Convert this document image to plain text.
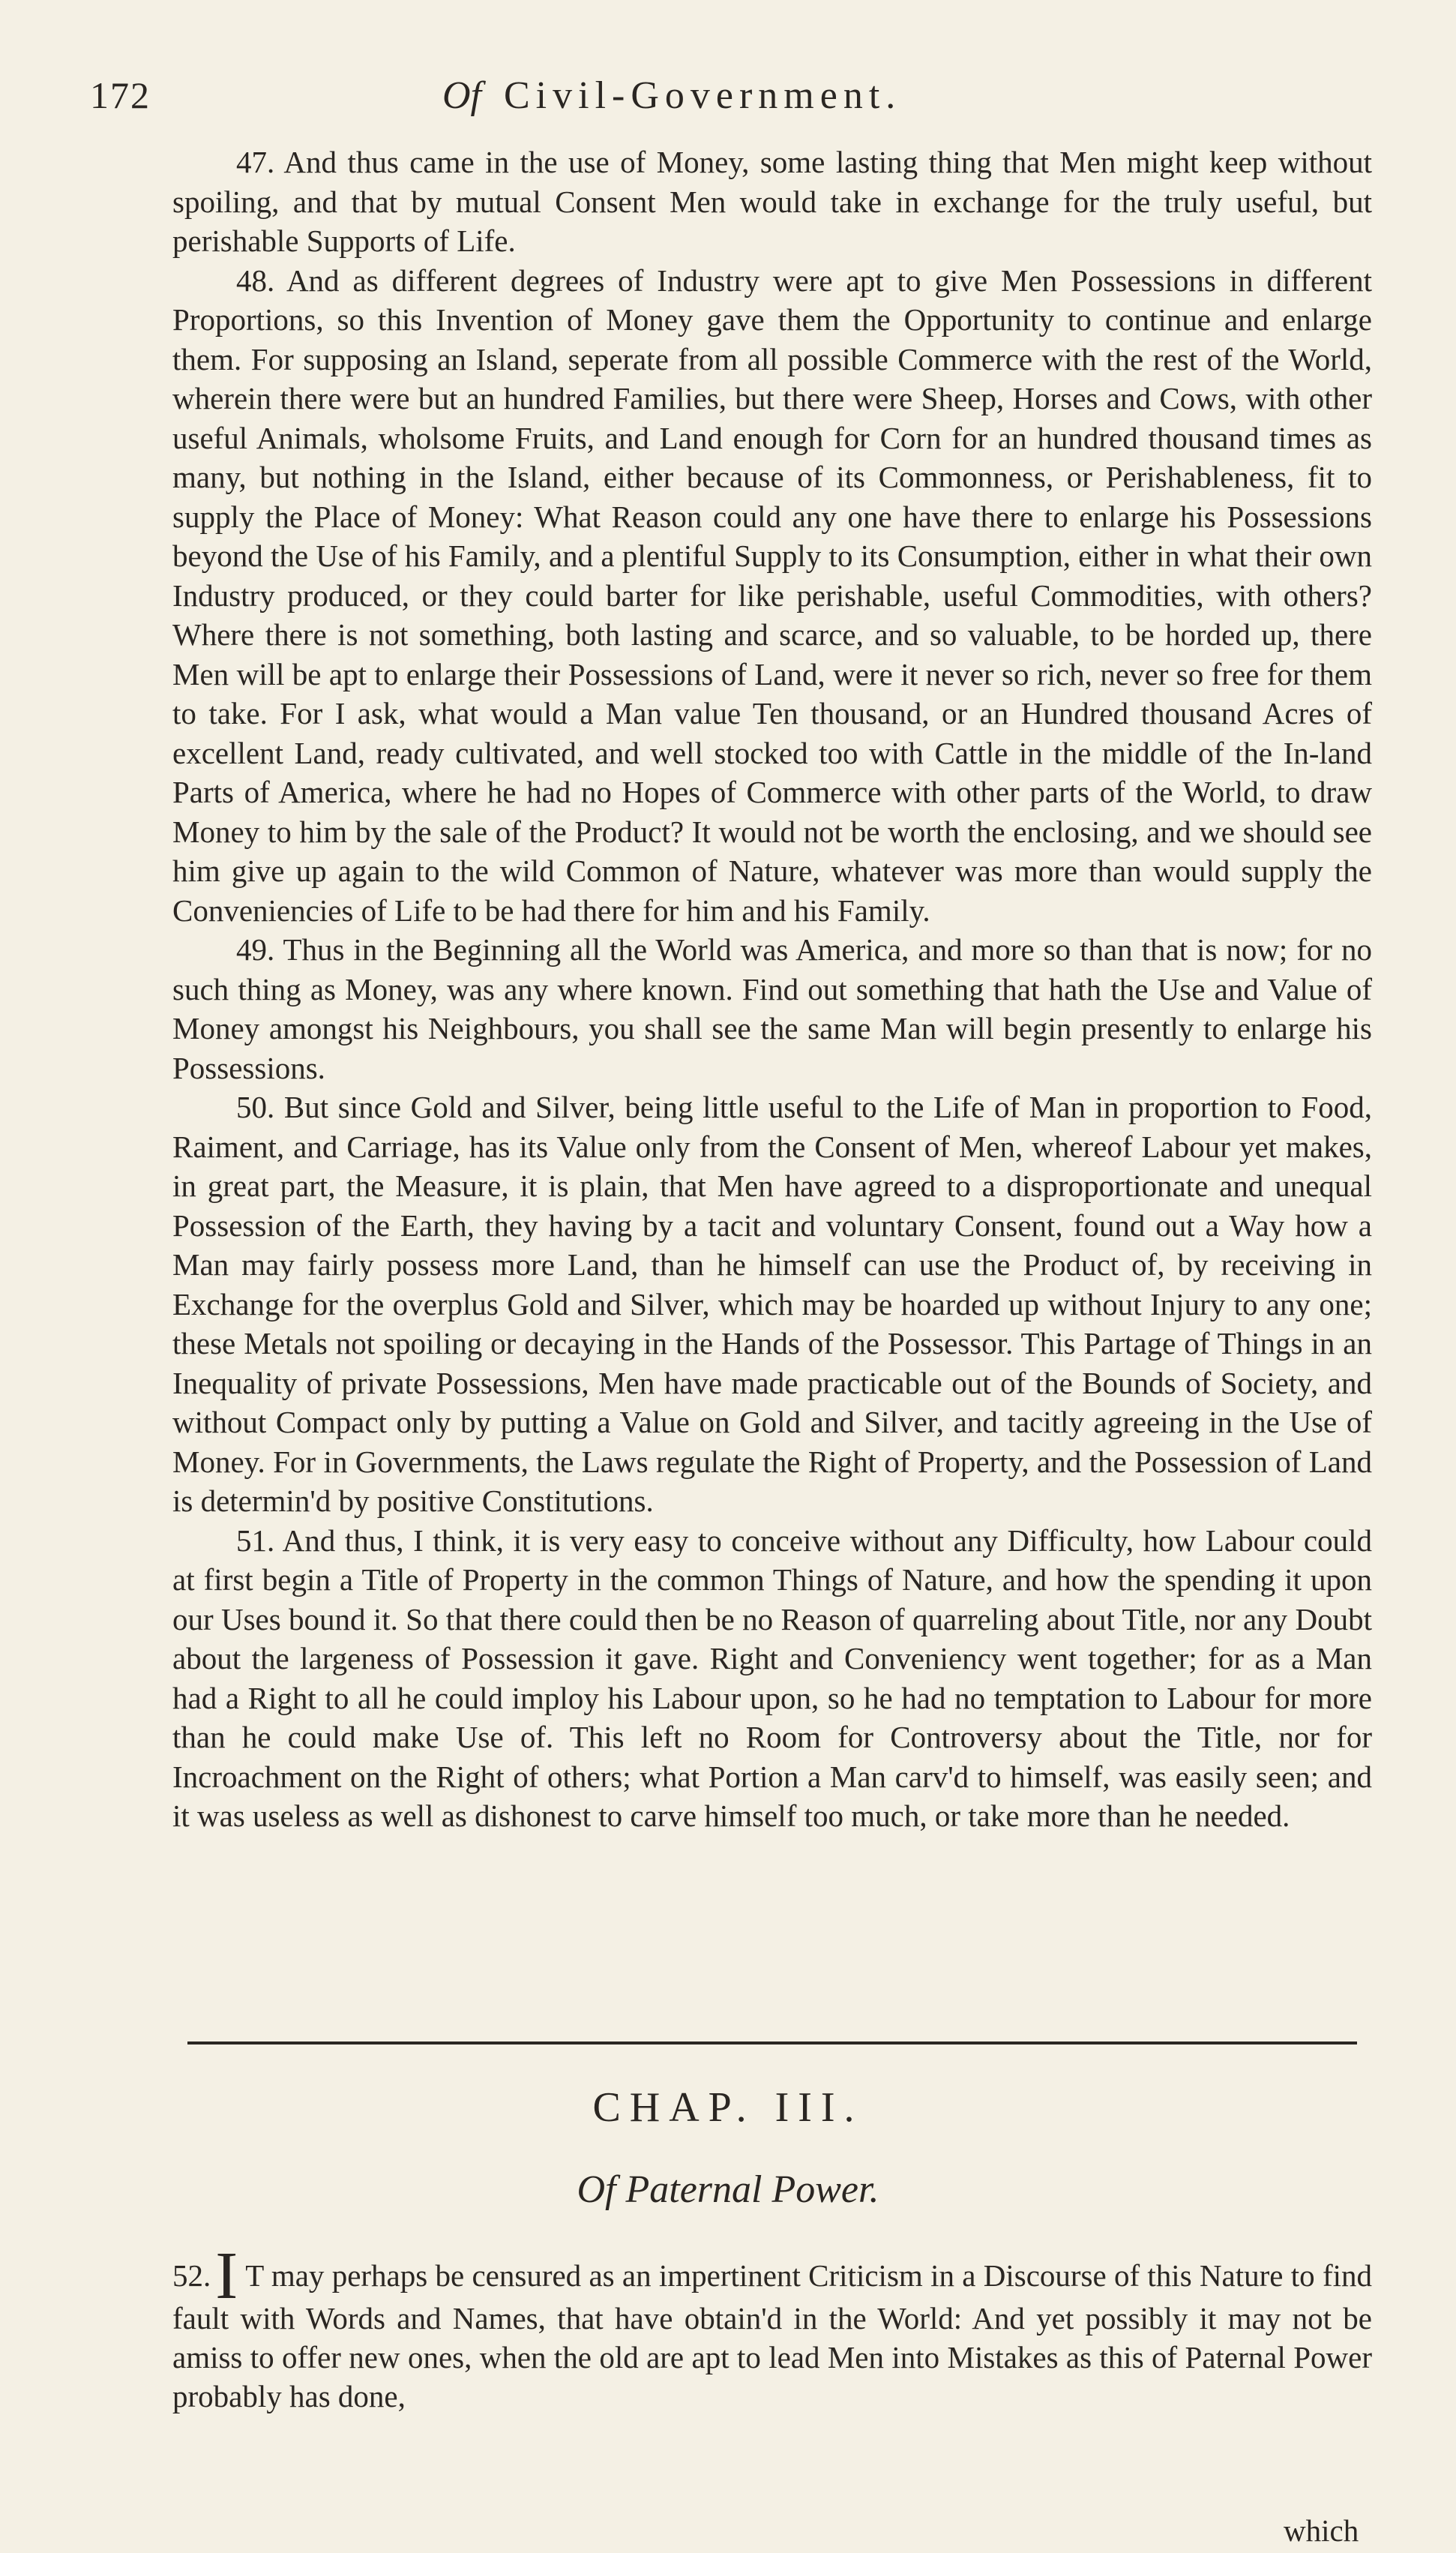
172	Of Civil-Government.

47. And thus came in the use of Money, some lasting thing that Men might keep without spoiling, and that by mutual Consent Men would take in exchange for the truly useful, but perishable Supports of Life.

48. And as different degrees of Industry were apt to give Men Possessions in different Proportions, so this Invention of Money gave them the Opportunity to continue and enlarge them. For supposing an Island, seperate from all possible Commerce with the rest of the World, wherein there were but an hundred Families, but there were Sheep, Horses and Cows, with other useful Animals, wholsome Fruits, and Land enough for Corn for an hundred thousand times as many, but nothing in the Island, either because of its Commonness, or Perishableness, fit to supply the Place of Money: What Reason could any one have there to enlarge his Possessions beyond the Use of his Family, and a plentiful Supply to its Consumption, either in what their own Industry produced, or they could barter for like perishable, useful Commodities, with others? Where there is not something, both lasting and scarce, and so valuable, to be horded up, there Men will be apt to enlarge their Possessions of Land, were it never so rich, never so free for them to take. For I ask, what would a Man value Ten thousand, or an Hundred thousand Acres of excellent Land, ready cultivated, and well stocked too with Cattle in the middle of the In-land Parts of America, where he had no Hopes of Commerce with other parts of the World, to draw Money to him by the sale of the Product? It would not be worth the enclosing, and we should see him give up again to the wild Common of Nature, whatever was more than would supply the Conveniencies of Life to be had there for him and his Family.

49. Thus in the Beginning all the World was America, and more so than that is now; for no such thing as Money, was any where known. Find out something that hath the Use and Value of Money amongst his Neighbours, you shall see the same Man will begin presently to enlarge his Possessions.

50. But since Gold and Silver, being little useful to the Life of Man in proportion to Food, Raiment, and Carriage, has its Value only from the Consent of Men, whereof Labour yet makes, in great part, the Measure, it is plain, that Men have agreed to a disproportionate and unequal Possession of the Earth, they having by a tacit and voluntary Consent, found out a Way how a Man may fairly possess more Land, than he himself can use the Product of, by receiving in Exchange for the overplus Gold and Silver, which may be hoarded up without Injury to any one; these Metals not spoiling or decaying in the Hands of the Possessor. This Partage of Things in an Inequality of private Possessions, Men have made practicable out of the Bounds of Society, and without Compact only by putting a Value on Gold and Silver, and tacitly agreeing in the Use of Money. For in Governments, the Laws regulate the Right of Property, and the Possession of Land is determin'd by positive Constitutions.

51. And thus, I think, it is very easy to conceive without any Difficulty, how Labour could at first begin a Title of Property in the common Things of Nature, and how the spending it upon our Uses bound it. So that there could then be no Reason of quarreling about Title, nor any Doubt about the largeness of Possession it gave. Right and Conveniency went together; for as a Man had a Right to all he could imploy his Labour upon, so he had no temptation to Labour for more than he could make Use of. This left no Room for Controversy about the Title, nor for Incroachment on the Right of others; what Portion a Man carv'd to himself, was easily seen; and it was useless as well as dishonest to carve himself too much, or take more than he needed.

CHAP. III.
Of Paternal Power.

52.I T may perhaps be censured as an impertinent Criticism in a Discourse of this Nature to find fault with Words and Names, that have obtain'd in the World: And yet possibly it may not be amiss to offer new ones, when the old are apt to lead Men into Mistakes as this of Paternal Power probably has done,

which
